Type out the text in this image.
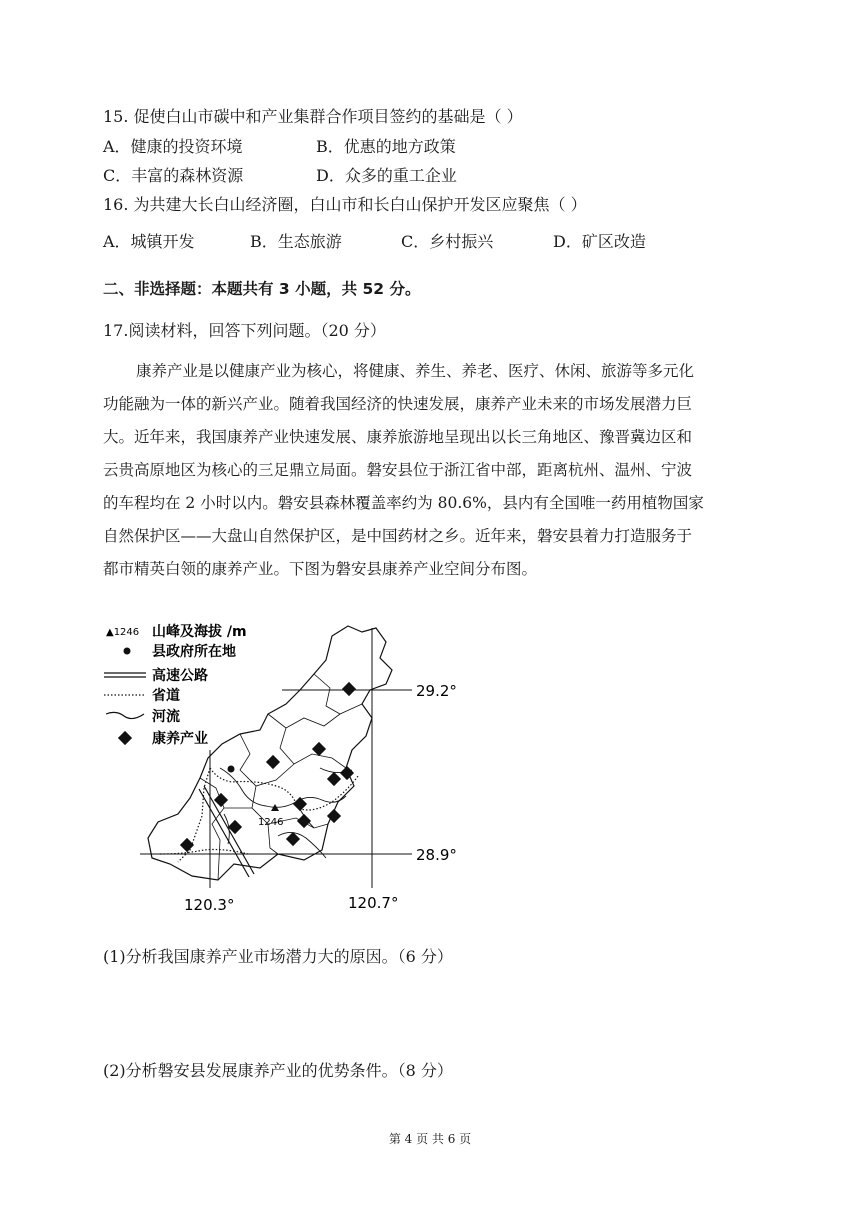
15. 促使白山市碳中和产业集群合作项目签约的基础是（ ）
A．健康的投资环境	B．优惠的地方政策
C．丰富的森林资源	D．众多的重工企业
16. 为共建大长白山经济圈，白山市和长白山保护开发区应聚焦（ ）
A．城镇开发	B．生态旅游	C．乡村振兴	D．矿区改造
二、非选择题：本题共有 3 小题，共 52 分。
17.阅读材料，回答下列问题。（20 分）
康养产业是以健康产业为核心，将健康、养生、养老、医疗、休闲、旅游等多元化
功能融为一体的新兴产业。随着我国经济的快速发展，康养产业未来的市场发展潜力巨
大。近年来，我国康养产业快速发展、康养旅游地呈现出以长三角地区、豫晋冀边区和
云贵高原地区为核心的三足鼎立局面。磐安县位于浙江省中部，距离杭州、温州、宁波
的车程均在 2 小时以内。磐安县森林覆盖率约为 80.6%，县内有全国唯一药用植物国家
自然保护区——大盘山自然保护区，是中国药材之乡。近年来，磐安县着力打造服务于
都市精英白领的康养产业。下图为磐安县康养产业空间分布图。
▲1246 山峰及海拔 /m
县政府所在地
高速公路
省道
河流
康养产业
1246
29.2°
28.9°
120.3°	120.7°
(1)分析我国康养产业市场潜力大的原因。（6 分）
(2)分析磐安县发展康养产业的优势条件。（8 分）
第 4 页 共 6 页
